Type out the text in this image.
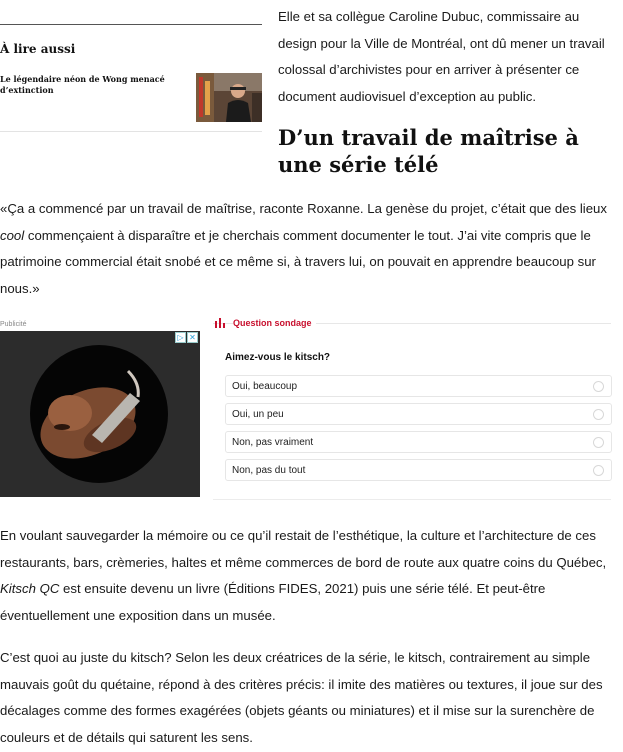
À lire aussi
Le légendaire néon de Wong menacé d’extinction

Elle et sa collègue Caroline Dubuc, commissaire au design pour la Ville de Montréal, ont dû mener un travail colossal d’archivistes pour en arriver à présenter ce document audiovisuel d’exception au public.

D’un travail de maîtrise à une série télé

«Ça a commencé par un travail de maîtrise, raconte Roxanne. La genèse du projet, c’était que des lieux cool commençaient à disparaître et je cherchais comment documenter le tout. J’ai vite compris que le patrimoine commercial était snobé et ce même si, à travers lui, on pouvait en apprendre beaucoup sur nous.»

Publicité
▷ ✕
Question sondage
Aimez-vous le kitsch?
Oui, beaucoup
Oui, un peu
Non, pas vraiment
Non, pas du tout

En voulant sauvegarder la mémoire ou ce qu’il restait de l’esthétique, la culture et l’architecture de ces restaurants, bars, crèmeries, haltes et même commerces de bord de route aux quatre coins du Québec, Kitsch QC est ensuite devenu un livre (Éditions FIDES, 2021) puis une série télé. Et peut-être éventuellement une exposition dans un musée.

C’est quoi au juste du kitsch? Selon les deux créatrices de la série, le kitsch, contrairement au simple mauvais goût du quétaine, répond à des critères précis: il imite des matières ou textures, il joue sur des décalages comme des formes exagérées (objets géants ou miniatures) et il mise sur la surenchère de couleurs et de détails qui saturent les sens.
